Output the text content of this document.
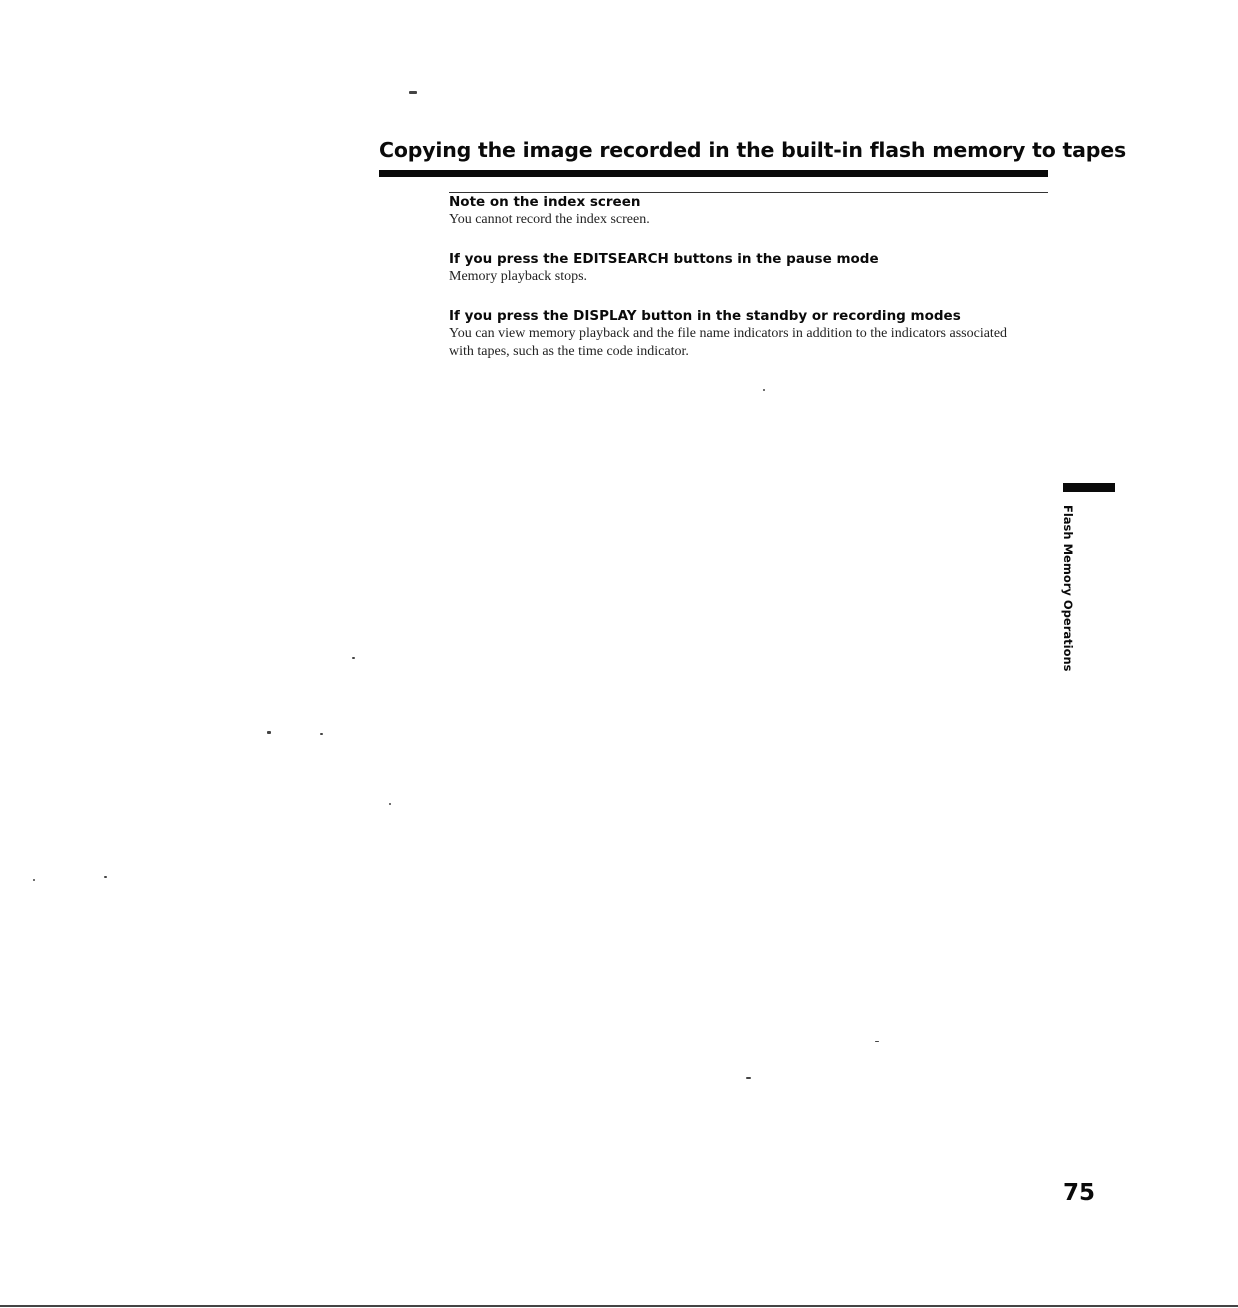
Copying the image recorded in the built-in flash memory to tapes

Note on the index screen

You cannot record the index screen.

If you press the EDITSEARCH buttons in the pause mode

Memory playback stops.

If you press the DISPLAY button in the standby or recording modes

You can view memory playback and the file name indicators in addition to the indicators associated with tapes, such as the time code indicator.

Flash Memory Operations
75
